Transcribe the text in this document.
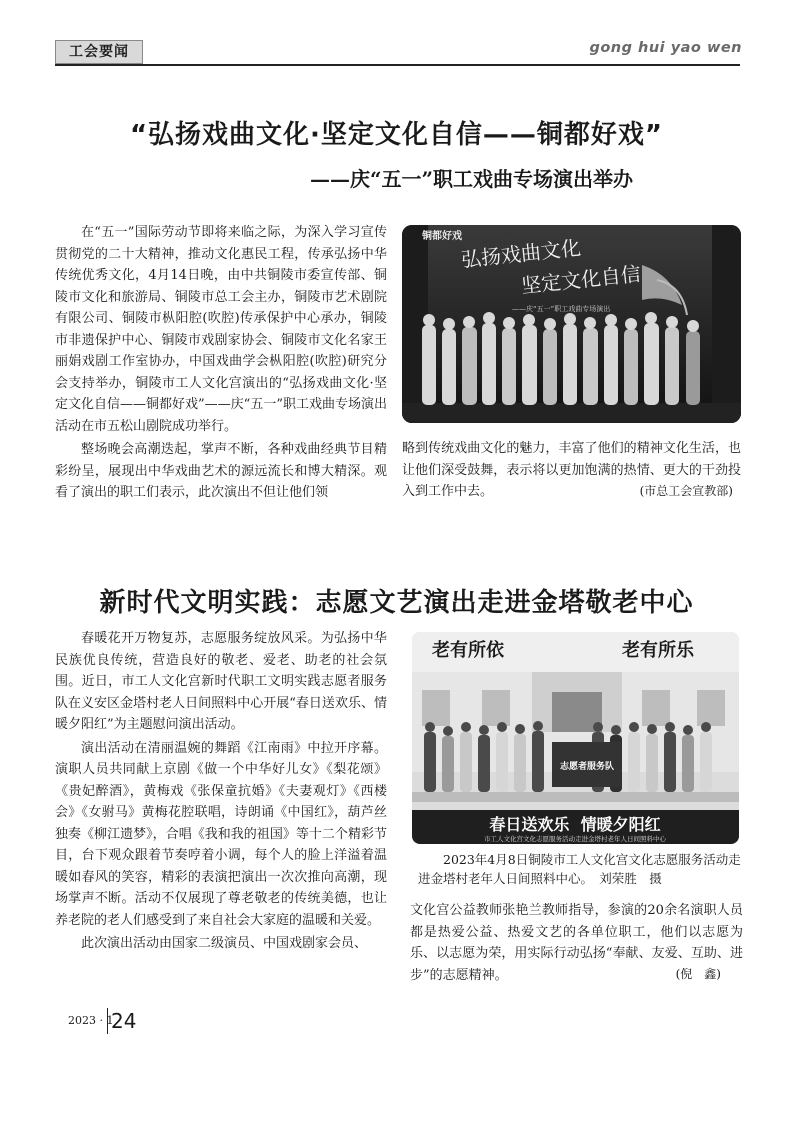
工会要闻	gong hui yao wen
“弘扬戏曲文化·坚定文化自信——铜都好戏”
——庆“五一”职工戏曲专场演出举办

在“五一”国际劳动节即将来临之际，为深入学习宣传贯彻党的二十大精神，推动文化惠民工程，传承弘扬中华传统优秀文化，4月14日晚，由中共铜陵市委宣传部、铜陵市文化和旅游局、铜陵市总工会主办，铜陵市艺术剧院有限公司、铜陵市枞阳腔(吹腔)传承保护中心承办，铜陵市非遗保护中心、铜陵市戏剧家协会、铜陵市文化名家王丽娟戏剧工作室协办，中国戏曲学会枞阳腔(吹腔)研究分会支持举办，铜陵市工人文化宫演出的“弘扬戏曲文化·坚定文化自信——铜都好戏”——庆“五一”职工戏曲专场演出活动在市五松山剧院成功举行。

整场晚会高潮迭起，掌声不断，各种戏曲经典节目精彩纷呈，展现出中华戏曲艺术的源远流长和博大精深。观看了演出的职工们表示，此次演出不但让他们领

铜都好戏
弘扬戏曲文化
坚定文化自信
——庆“五一”职工戏曲专场演出

略到传统戏曲文化的魅力，丰富了他们的精神文化生活，也让他们深受鼓舞，表示将以更加饱满的热情、更大的干劲投入到工作中去。	(市总工会宣教部)
新时代文明实践：志愿文艺演出走进金塔敬老中心

春暖花开万物复苏，志愿服务绽放风采。为弘扬中华民族优良传统，营造良好的敬老、爱老、助老的社会氛围。近日，市工人文化宫新时代职工文明实践志愿者服务队在义安区金塔村老人日间照料中心开展“春日送欢乐、情暖夕阳红”为主题慰问演出活动。

演出活动在清丽温婉的舞蹈《江南雨》中拉开序幕。演职人员共同献上京剧《做一个中华好儿女》《梨花颂》《贵妃醉酒》，黄梅戏《张保童抗婚》《夫妻观灯》《西楼会》《女驸马》黄梅花腔联唱，诗朗诵《中国红》，葫芦丝独奏《柳江遗梦》，合唱《我和我的祖国》等十二个精彩节目，台下观众跟着节奏哼着小调，每个人的脸上洋溢着温暖如春风的笑容，精彩的表演把演出一次次推向高潮，现场掌声不断。活动不仅展现了尊老敬老的传统美德，也让养老院的老人们感受到了来自社会大家庭的温暖和关爱。

此次演出活动由国家二级演员、中国戏剧家会员、

志愿者服务队
老有所依	老有所乐
春日送欢乐  情暖夕阳红
市工人文化宫文化志愿服务活动走进金塔村老年人日间照料中心
2023年4月8日铜陵市工人文化宫文化志愿服务活动走进金塔村老年人日间照料中心。　 刘荣胜　摄

文化宫公益教师张艳兰教师指导，参演的20余名演职人员都是热爱公益、热爱文艺的各单位职工，他们以志愿为乐、以志愿为荣，用实际行动弘扬“奉献、友爱、互助、进步”的志愿精神。	(倪　鑫)
2023 · 1
24
